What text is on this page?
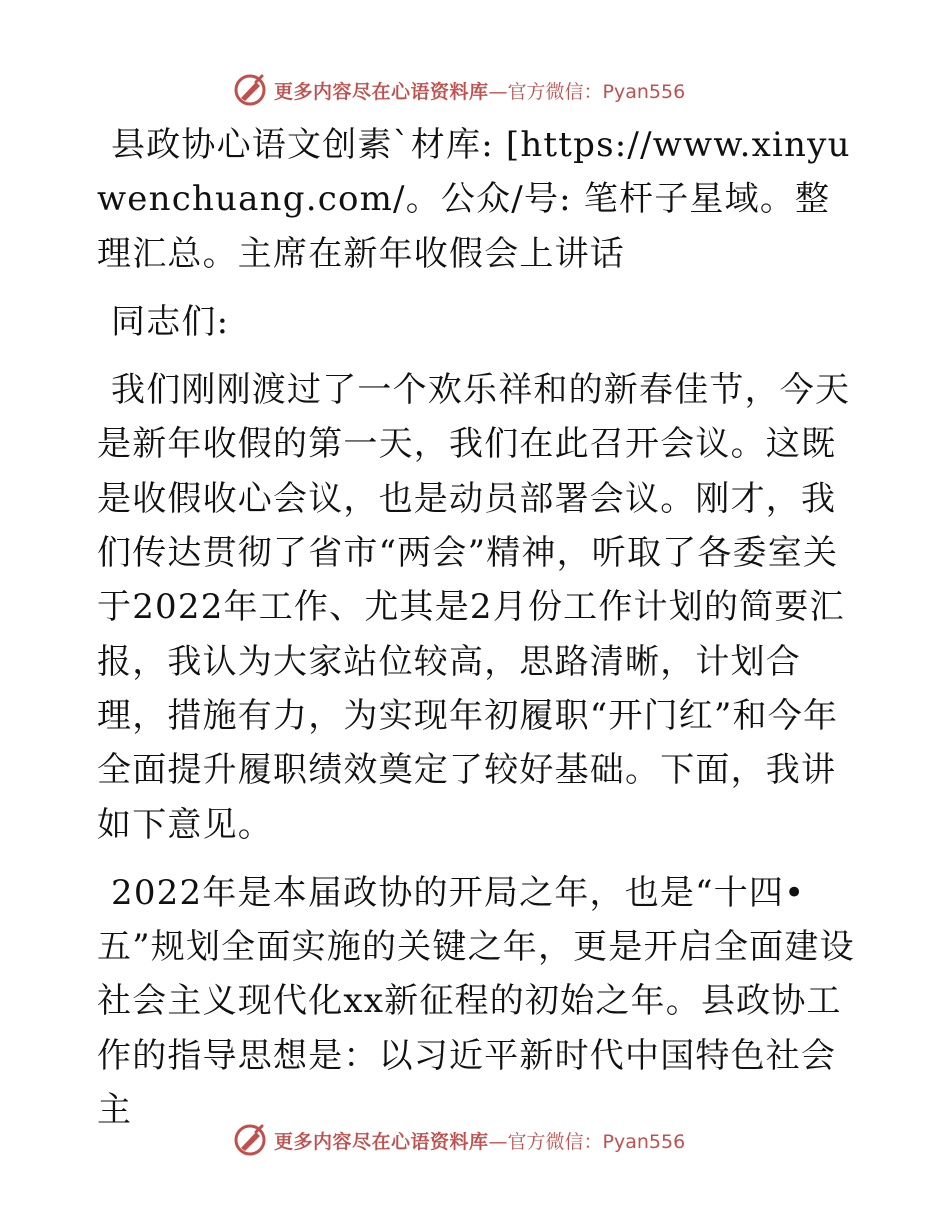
更多内容尽在心语资料库 —官方微信：Pyan556

县政协心语文创素`材库: [https://www.xinyuwenchuang.com/。公众/号: 笔杆子星域。整理汇总。主席在新年收假会上讲话

同志们:

我们刚刚渡过了一个欢乐祥和的新春佳节，今天是新年收假的第一天，我们在此召开会议。这既是收假收心会议，也是动员部署会议。刚才，我们传达贯彻了省市“两会”精神，听取了各委室关于2022年工作、尤其是2月份工作计划的简要汇报，我认为大家站位较高，思路清晰，计划合理，措施有力，为实现年初履职“开门红”和今年全面提升履职绩效奠定了较好基础。下面，我讲如下意见。

2022年是本届政协的开局之年，也是“十四•五”规划全面实施的关键之年，更是开启全面建设社会主义现代化xx新征程的初始之年。县政协工作的指导思想是：以习近平新时代中国特色社会主

更多内容尽在心语资料库 —官方微信：Pyan556
